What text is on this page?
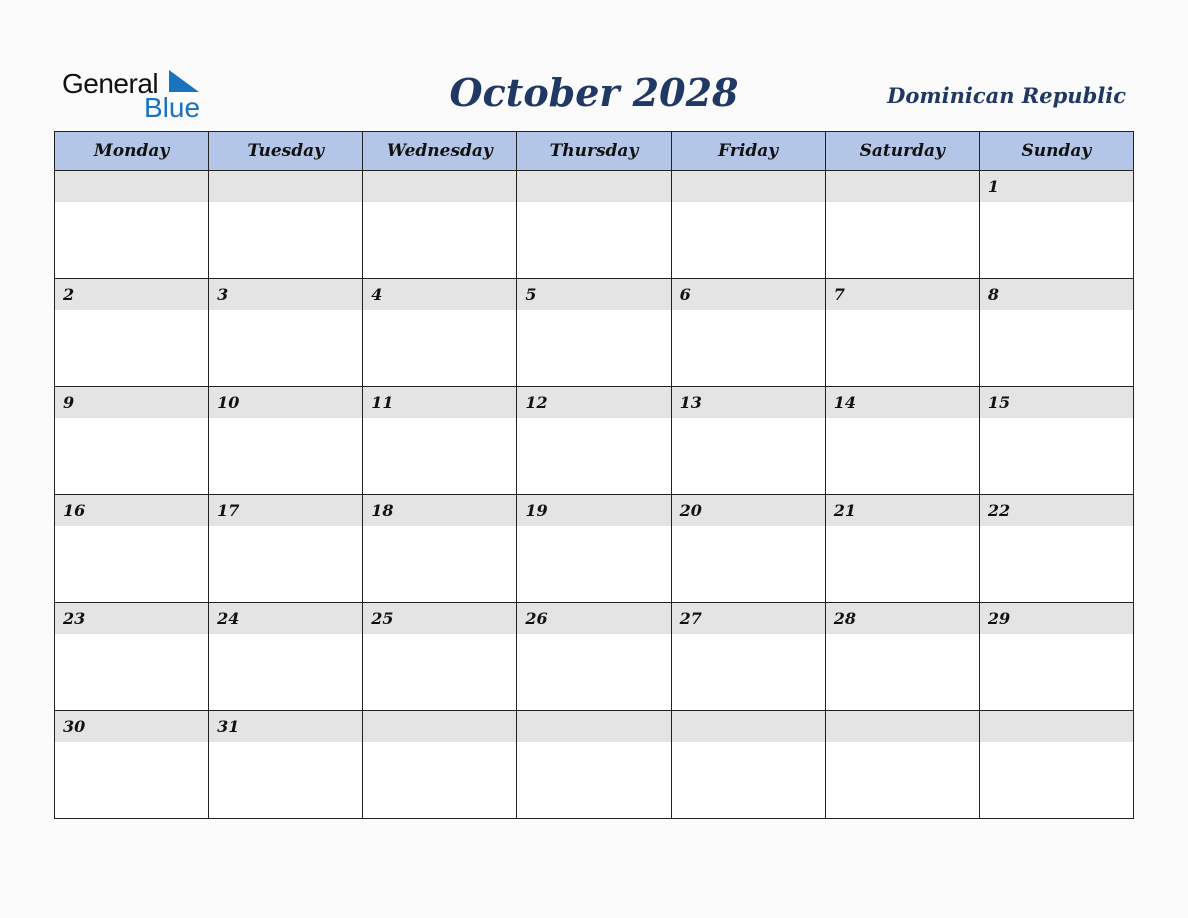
General
Blue	October 2028	Dominican Republic
Monday	Tuesday	Wednesday	Thursday	Friday	Saturday	Sunday

						1

2	3	4	5	6	7	8

9	10	11	12	13	14	15

16	17	18	19	20	21	22

23	24	25	26	27	28	29

30	31					
